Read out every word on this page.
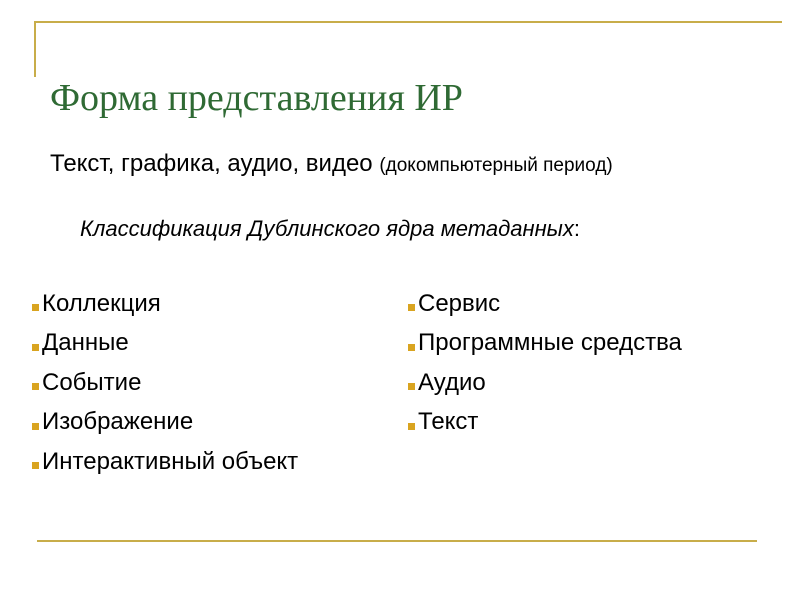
Форма представления ИР
Текст, графика, аудио, видео (докомпьютерный период)
Классификация Дублинского ядра метаданных:
Коллекция
Данные
Событие
Изображение
Интерактивный объект
Сервис
Программные средства
Аудио
Текст
